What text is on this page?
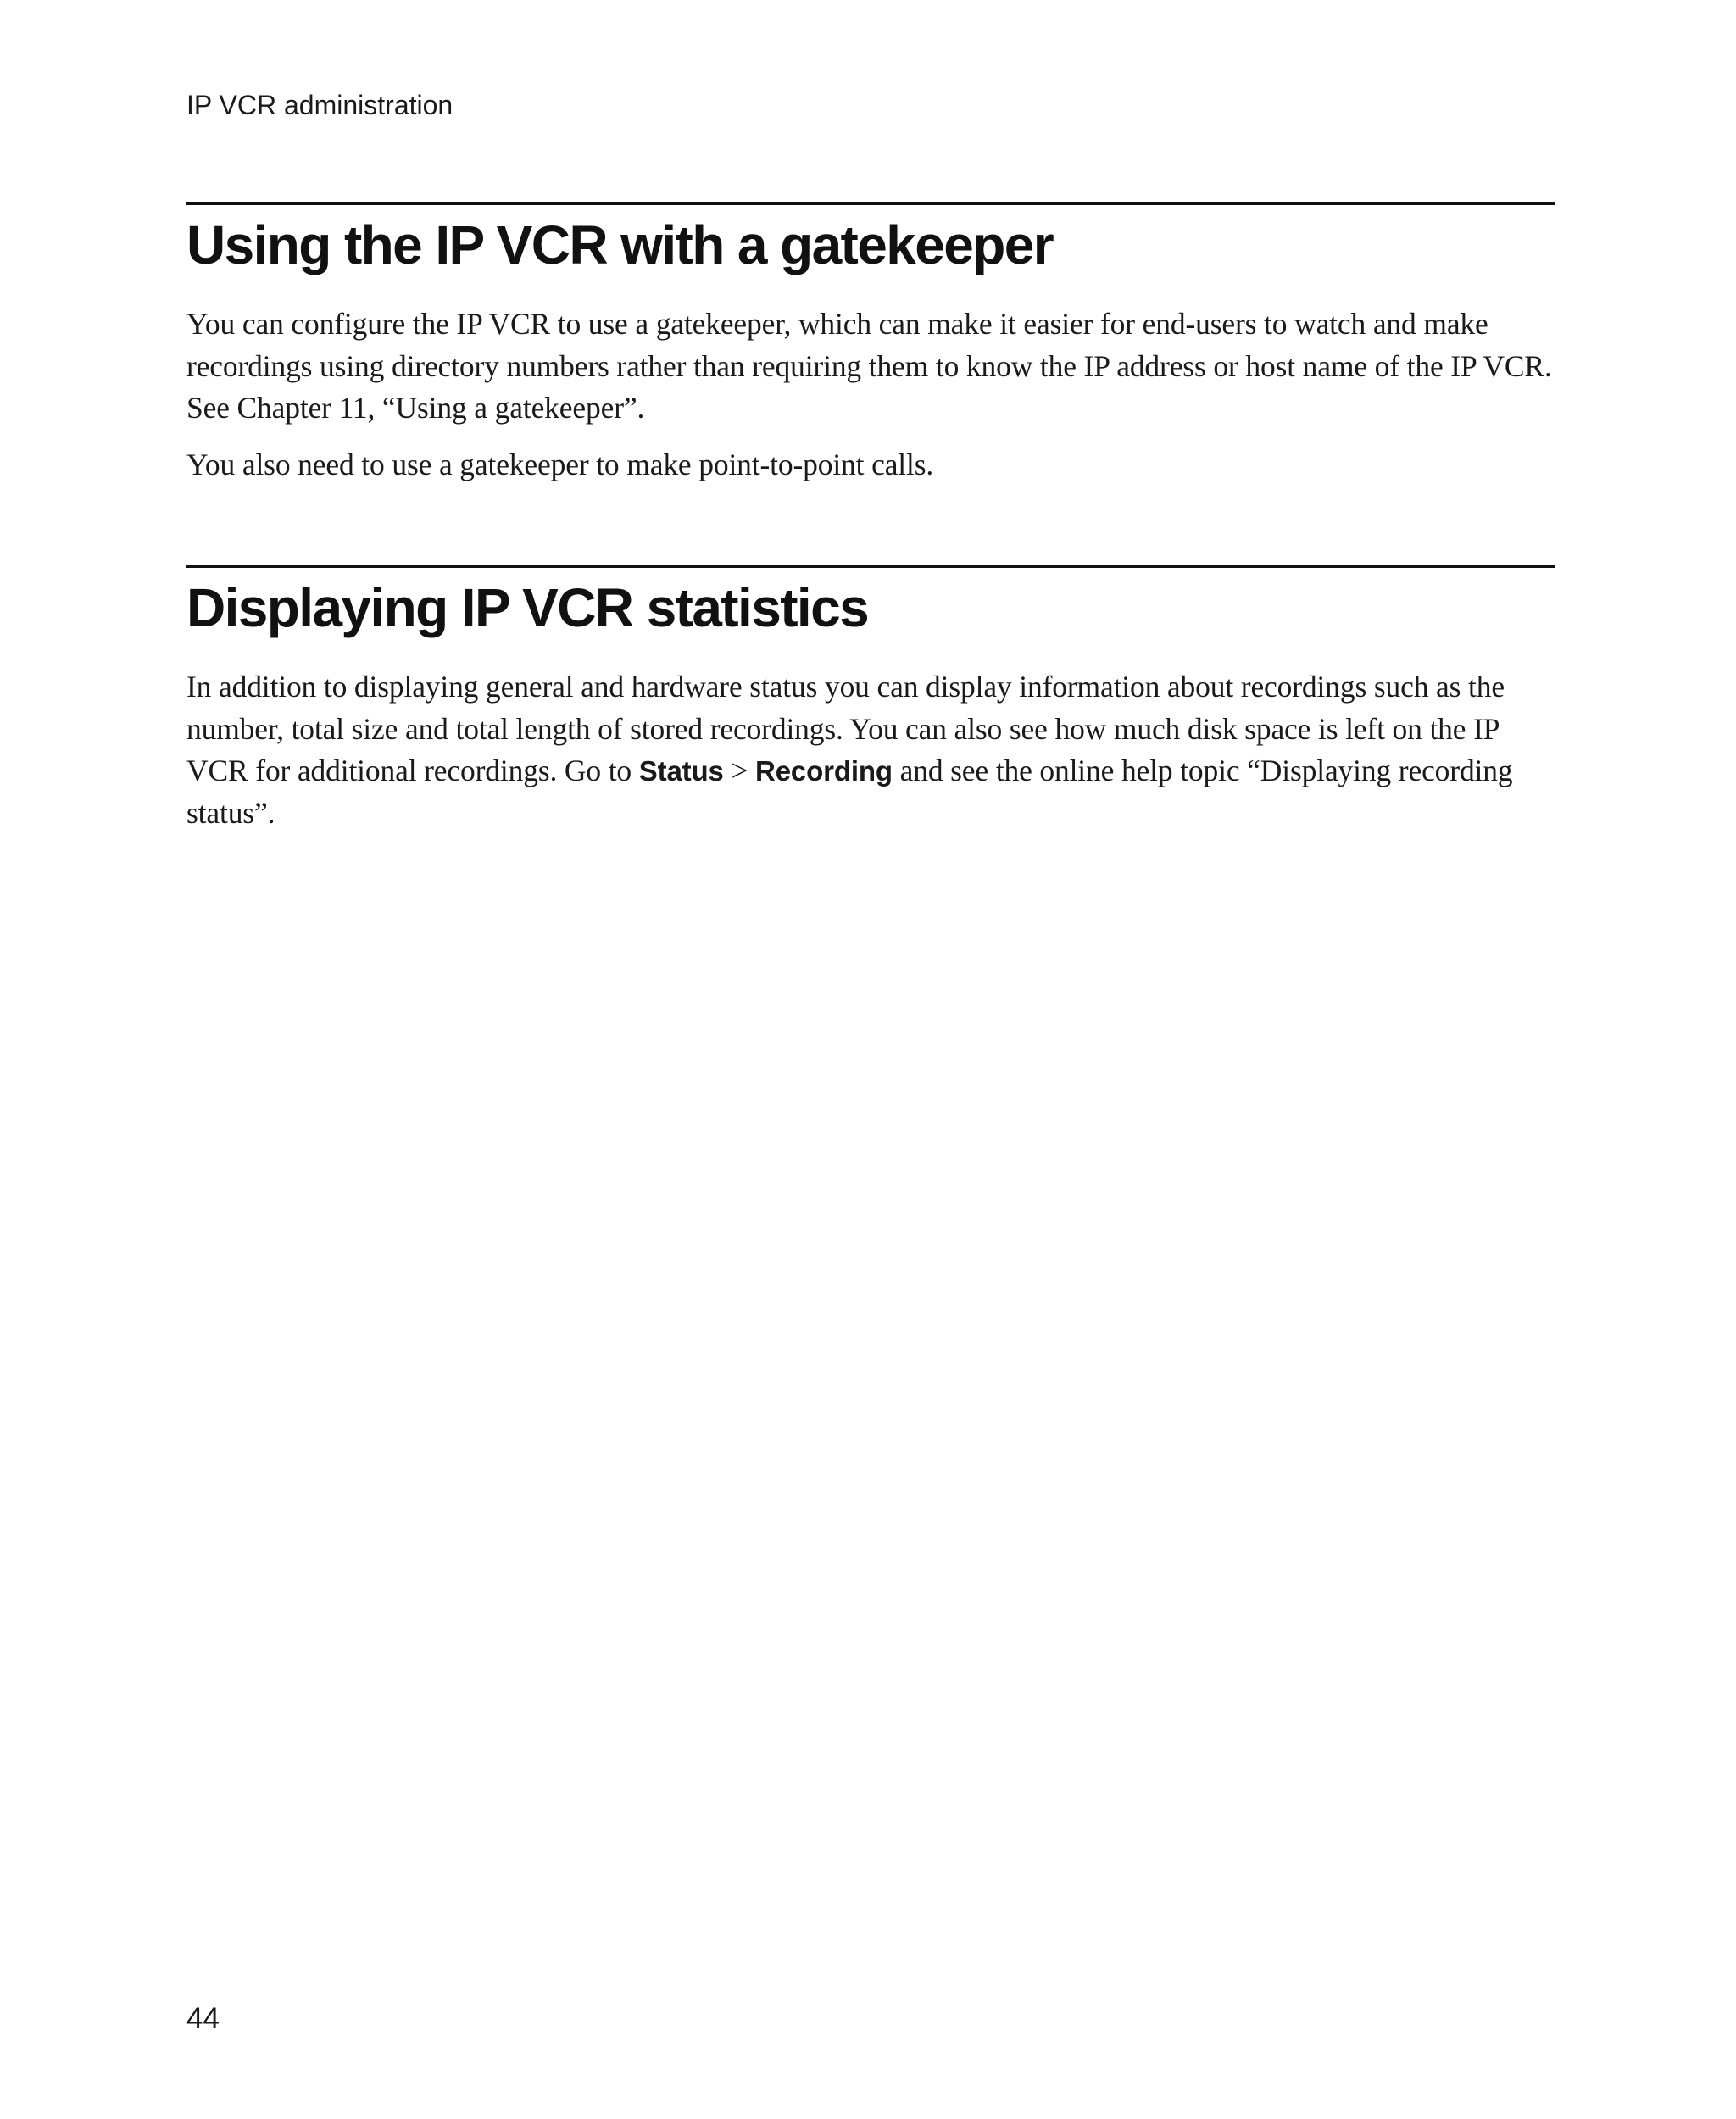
IP VCR administration
Using the IP VCR with a gatekeeper

You can configure the IP VCR to use a gatekeeper, which can make it easier for end-users to watch and make recordings using directory numbers rather than requiring them to know the IP address or host name of the IP VCR. See Chapter 11, “Using a gatekeeper”.

You also need to use a gatekeeper to make point-to-point calls.

Displaying IP VCR statistics

In addition to displaying general and hardware status you can display information about recordings such as the number, total size and total length of stored recordings. You can also see how much disk space is left on the IP VCR for additional recordings. Go to Status > Recording and see the online help topic “Displaying recording status”.

44
